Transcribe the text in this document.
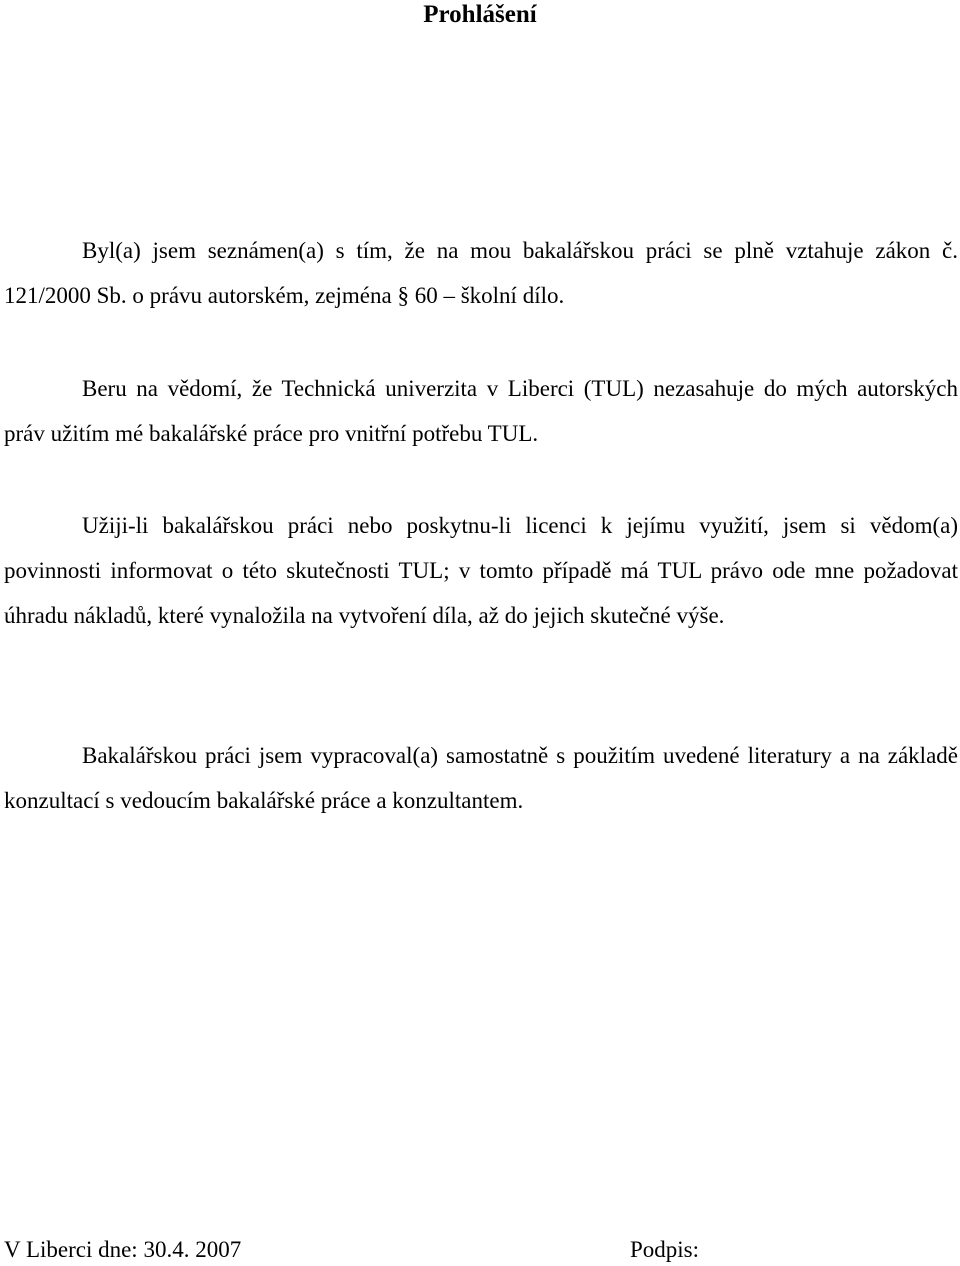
Prohlášení

Byl(a) jsem seznámen(a) s tím, že na mou bakalářskou práci se plně vztahuje zákon č. 121/2000 Sb. o právu autorském, zejména § 60 – školní dílo.

Beru na vědomí, že Technická univerzita v Liberci (TUL) nezasahuje do mých autorských práv užitím mé bakalářské práce pro vnitřní potřebu TUL.

Užiji-li bakalářskou práci nebo poskytnu-li licenci k jejímu využití, jsem si vědom(a) povinnosti informovat o této skutečnosti TUL; v tomto případě má TUL právo ode mne požadovat úhradu nákladů, které vynaložila na vytvoření díla, až do jejich skutečné výše.

Bakalářskou práci jsem vypracoval(a) samostatně s použitím uvedené literatury a na základě konzultací s vedoucím bakalářské práce a konzultantem.

V Liberci dne: 30.4. 2007	Podpis:
